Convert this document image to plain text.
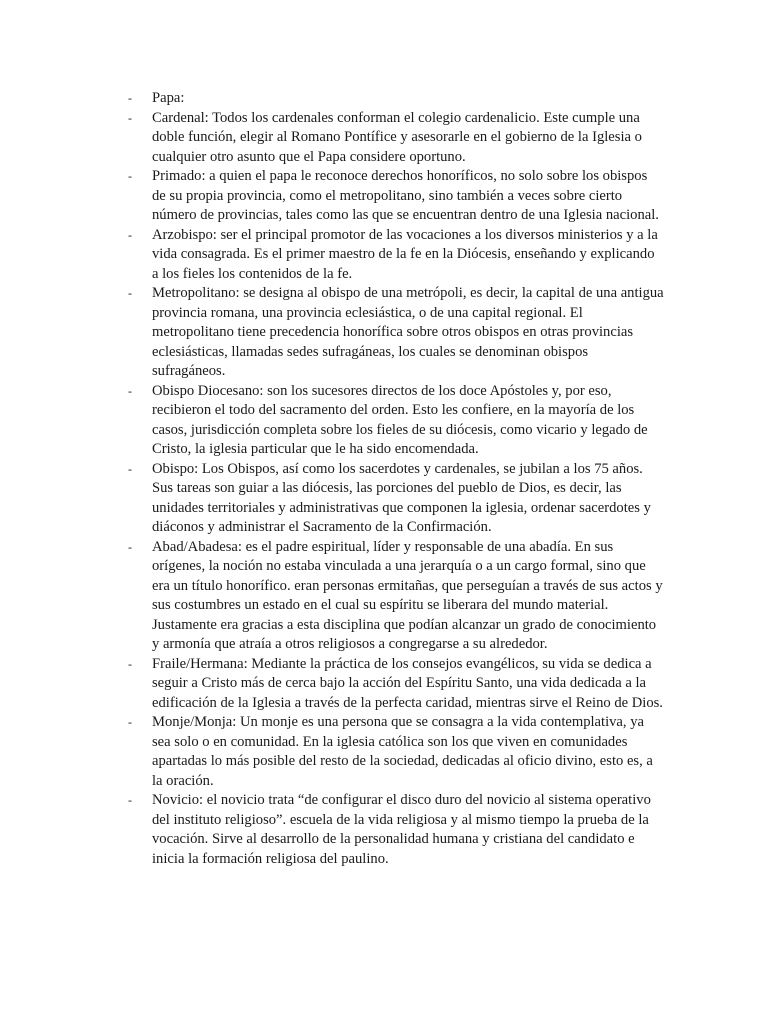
-	Papa:
-	Cardenal: Todos los cardenales conforman el colegio cardenalicio. Este cumple una doble función, elegir al Romano Pontífice y asesorarle en el gobierno de la Iglesia o cualquier otro asunto que el Papa considere oportuno.
-	Primado: a quien el papa le reconoce derechos honoríficos, no solo sobre los obispos de su propia provincia, como el metropolitano, sino también a veces sobre cierto número de provincias, tales como las que se encuentran dentro de una Iglesia nacional.
-	Arzobispo: ser el principal promotor de las vocaciones a los diversos ministerios y a la vida consagrada. Es el primer maestro de la fe en la Diócesis, enseñando y explicando a los fieles los contenidos de la fe.
-	Metropolitano: se designa al obispo de una metrópoli, es decir, la capital de una antigua provincia romana, una provincia eclesiástica, o de una capital regional. El metropolitano tiene precedencia honorífica sobre otros obispos en otras provincias eclesiásticas, llamadas sedes sufragáneas, los cuales se denominan obispos sufragáneos.
-	Obispo Diocesano: son los sucesores directos de los doce Apóstoles y, por eso, recibieron el todo del sacramento del orden. Esto les confiere, en la mayoría de los casos, jurisdicción completa sobre los fieles de su diócesis, como vicario y legado de Cristo, la iglesia particular que le ha sido encomendada.
-	Obispo: Los Obispos, así como los sacerdotes y cardenales, se jubilan a los 75 años. Sus tareas son guiar a las diócesis, las porciones del pueblo de Dios, es decir, las unidades territoriales y administrativas que componen la iglesia, ordenar sacerdotes y diáconos y administrar el Sacramento de la Confirmación.
-	Abad/Abadesa: es el padre espiritual, líder y responsable de una abadía. En sus orígenes, la noción no estaba vinculada a una jerarquía o a un cargo formal, sino que era un título honorífico. eran personas ermitañas, que perseguían a través de sus actos y sus costumbres un estado en el cual su espíritu se liberara del mundo material. Justamente era gracias a esta disciplina que podían alcanzar un grado de conocimiento y armonía que atraía a otros religiosos a congregarse a su alrededor.
-	Fraile/Hermana: Mediante la práctica de los consejos evangélicos, su vida se dedica a seguir a Cristo más de cerca bajo la acción del Espíritu Santo, una vida dedicada a la edificación de la Iglesia a través de la perfecta caridad, mientras sirve el Reino de Dios.
-	Monje/Monja: Un monje es una persona que se consagra a la vida contemplativa, ya sea solo o en comunidad. En la iglesia católica son los que viven en comunidades apartadas lo más posible del resto de la sociedad, dedicadas al oficio divino, esto es, a la oración.
-	Novicio: el novicio trata “de configurar el disco duro del novicio al sistema operativo del instituto religioso”. escuela de la vida religiosa y al mismo tiempo la prueba de la vocación. Sirve al desarrollo de la personalidad humana y cristiana del candidato e inicia la formación religiosa del paulino.
